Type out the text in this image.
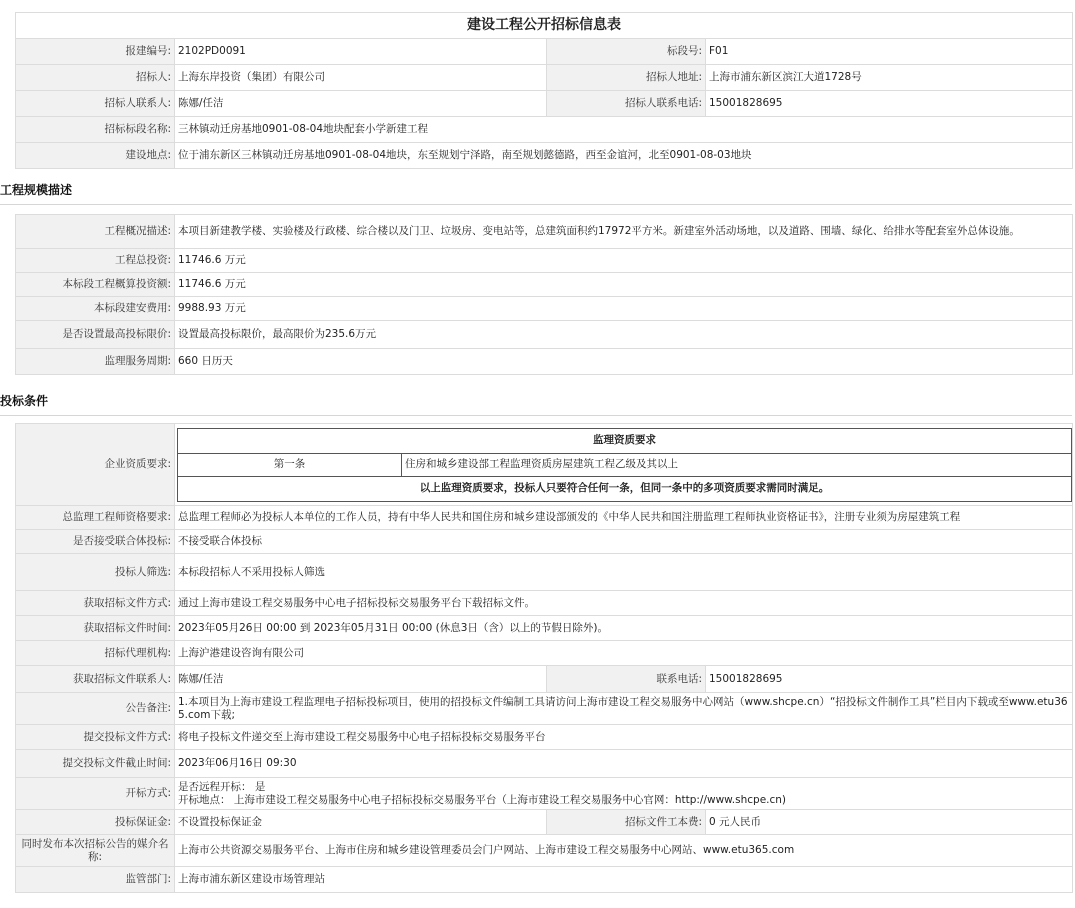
建设工程公开招标信息表			
报建编号:	2102PD0091	标段号:	F01
招标人:	上海东岸投资（集团）有限公司	招标人地址:	上海市浦东新区滨江大道1728号
招标人联系人:	陈娜/任洁	招标人联系电话:	15001828695
招标标段名称:	三林镇动迁房基地0901-08-04地块配套小学新建工程		
建设地点:	位于浦东新区三林镇动迁房基地0901-08-04地块，东至规划宁泽路，南至规划懿德路，西至金谊河，北至0901-08-03地块		
工程规模描述
工程概况描述:	本项目新建教学楼、实验楼及行政楼、综合楼以及门卫、垃圾房、变电站等，总建筑面积约17972平方米。新建室外活动场地，以及道路、围墙、绿化、给排水等配套室外总体设施。
工程总投资:	11746.6 万元
本标段工程概算投资额:	11746.6 万元
本标段建安费用:	9988.93 万元
是否设置最高投标限价:	设置最高投标限价，最高限价为235.6万元
监理服务周期:	660 日历天
投标条件
企业资质要求:	
监理资质要求
第一条	住房和城乡建设部工程监理资质房屋建筑工程乙级及其以上
以上监理资质要求，投标人只要符合任何一条，但同一条中的多项资质要求需同时满足。

总监理工程师资格要求:	总监理工程师必为投标人本单位的工作人员，持有中华人民共和国住房和城乡建设部颁发的《中华人民共和国注册监理工程师执业资格证书》，注册专业须为房屋建筑工程
是否接受联合体投标:	不接受联合体投标
投标人筛选:	本标段招标人不采用投标人筛选
获取招标文件方式:	通过上海市建设工程交易服务中心电子招标投标交易服务平台下载招标文件。
获取招标文件时间:	2023年05月26日 00:00 到 2023年05月31日 00:00 (休息3日（含）以上的节假日除外)。
招标代理机构:	上海沪港建设咨询有限公司
获取招标文件联系人:	陈娜/任洁	联系电话:	15001828695
公告备注:	1.本项目为上海市建设工程监理电子招标投标项目，使用的招投标文件编制工具请访问上海市建设工程交易服务中心网站（www.shcpe.cn）“招投标文件制作工具”栏目内下载或至www.etu365.com下载;
提交投标文件方式:	将电子投标文件递交至上海市建设工程交易服务中心电子招标投标交易服务平台
提交投标文件截止时间:	2023年06月16日 09:30
开标方式:	
是否远程开标： 是
开标地点： 上海市建设工程交易服务中心电子招标投标交易服务平台（上海市建设工程交易服务中心官网：http://www.shcpe.cn)

投标保证金:	不设置投标保证金	招标文件工本费:	0 元人民币
同时发布本次招标公告的媒介名称:	上海市公共资源交易服务平台、上海市住房和城乡建设管理委员会门户网站、上海市建设工程交易服务中心网站、www.etu365.com
监管部门:	上海市浦东新区建设市场管理站
